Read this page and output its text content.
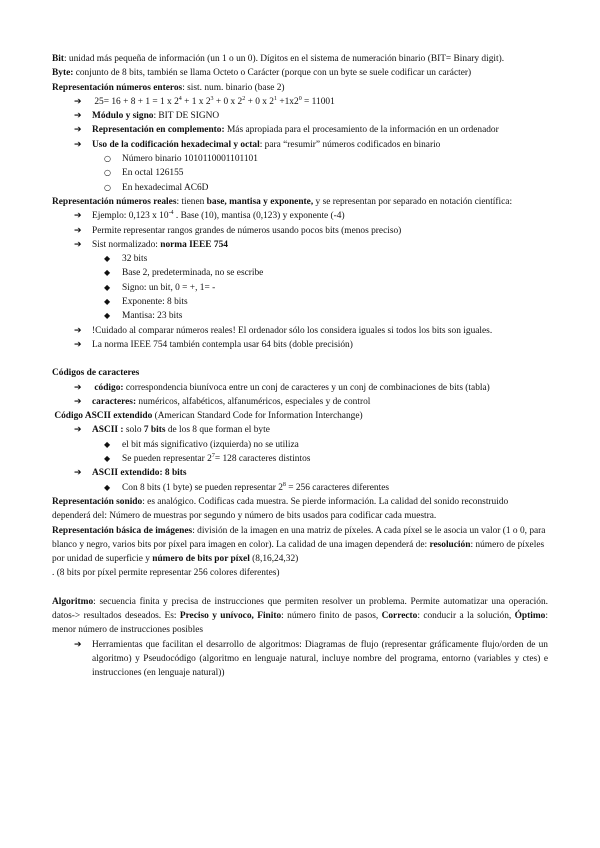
Bit: unidad más pequeña de información (un 1 o un 0). Dígitos en el sistema de numeración binario (BIT= Binary digit).

Byte: conjunto de 8 bits, también se llama Octeto o Carácter (porque con un byte se suele codificar un carácter)

Representación números enteros: sist. num. binario (base 2)

➔	25= 16 + 8 + 1 = 1 x $2^4 + 1$ x $2^3 + 0$ x $2^2 + 0$ x $2^1 +1x2^0 = 11001$
➔	Módulo y signo: BIT DE SIGNO
➔	Representación en complemento: Más apropiada para el procesamiento de la información en un ordenador
➔	Uso de la codificación hexadecimal y octal: para “resumir” números codificados en binario
○	Número binario 1010110001101101
○	En octal 126155
○	En hexadecimal AC6D

Representación números reales: tienen base, mantisa y exponente, y se representan por separado en notación científica:

➔	Ejemplo: 0,123 x $10^{-4}$ . Base (10), mantisa (0,123) y exponente (-4)
➔	Permite representar rangos grandes de números usando pocos bits (menos preciso)
➔	Sist normalizado: norma IEEE 754
◆	32 bits
◆	Base 2, predeterminada, no se escribe
◆	Signo: un bit, 0 = +, 1= -
◆	Exponente: 8 bits
◆	Mantisa: 23 bits
➔	!Cuidado al comparar números reales! El ordenador sólo los considera iguales si todos los bits son iguales.
➔	La norma IEEE 754 también contempla usar 64 bits (doble precisión)

Códigos de caracteres

➔	código: correspondencia biunívoca entre un conj de caracteres y un conj de combinaciones de bits (tabla)
➔	caracteres: numéricos, alfabéticos, alfanuméricos, especiales y de control

Código ASCII extendido (American Standard Code for Information Interchange)

➔	ASCII : solo 7 bits de los 8 que forman el byte
◆	el bit más significativo (izquierda) no se utiliza
◆	Se pueden representar $2^7= 128$ caracteres distintos
➔	ASCII extendido: 8 bits
◆	Con 8 bits (1 byte) se pueden representar $2^8 = 256$ caracteres diferentes

Representación sonido: es analógico. Codificas cada muestra. Se pierde información. La calidad del sonido reconstruido dependerá del: Número de muestras por segundo y número de bits usados para codificar cada muestra.

Representación básica de imágenes: división de la imagen en una matriz de píxeles. A cada píxel se le asocia un valor (1 o 0, para blanco y negro, varios bits por píxel para imagen en color). La calidad de una imagen dependerá de: resolución: número de píxeles por unidad de superficie y número de bits por píxel (8,16,24,32)
. (8 bits por píxel permite representar 256 colores diferentes)

Algoritmo: secuencia finita y precisa de instrucciones que permiten resolver un problema. Permite automatizar una operación. datos-> resultados deseados. Es: Preciso y unívoco, Finito: número finito de pasos, Correcto: conducir a la solución, Óptimo: menor número de instrucciones posibles

➔	Herramientas que facilitan el desarrollo de algoritmos: Diagramas de flujo (representar gráficamente flujo/orden de un algoritmo) y Pseudocódigo (algoritmo en lenguaje natural, incluye nombre del programa, entorno (variables y ctes) e instrucciones (en lenguaje natural))
